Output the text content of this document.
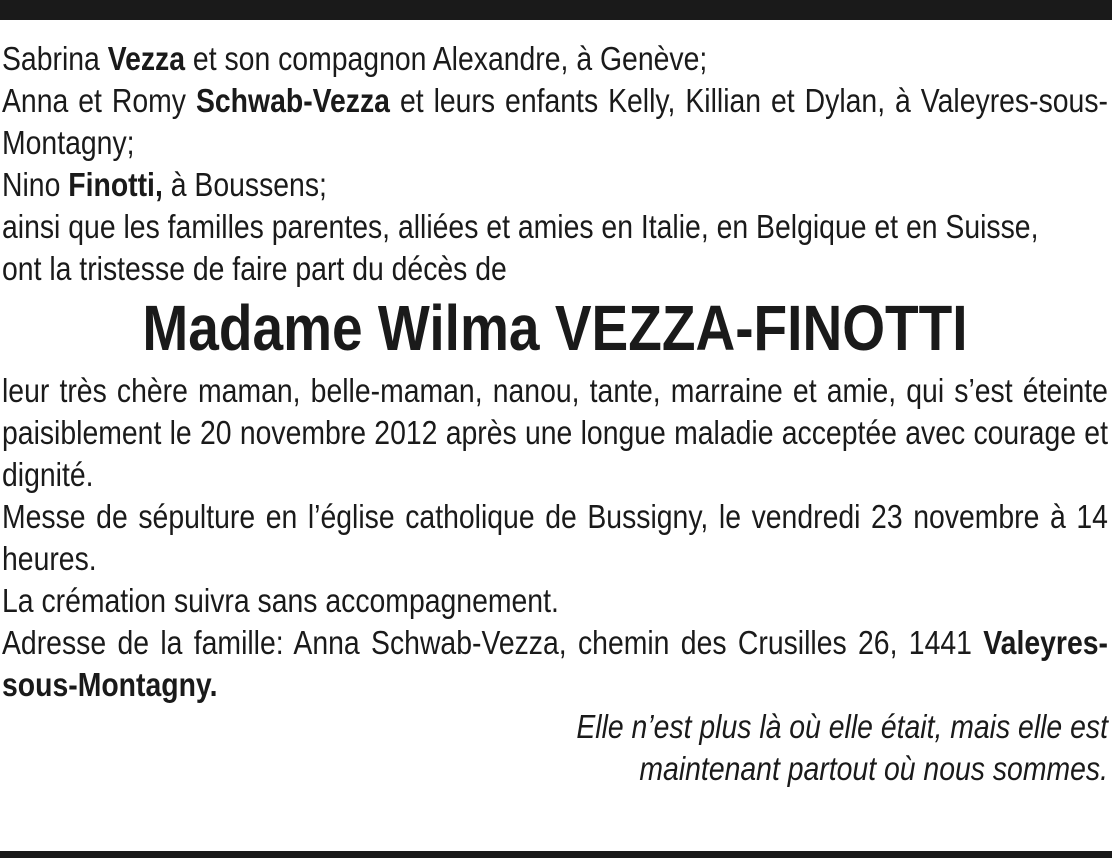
Sabrina Vezza et son compagnon Alexandre, à Genève;

Anna et Romy Schwab-Vezza et leurs enfants Kelly, Killian et Dylan, à Valeyres-sous-Montagny;

Nino Finotti, à Boussens;

ainsi que les familles parentes, alliées et amies en Italie, en Belgique et en Suisse,

ont la tristesse de faire part du décès de

Madame Wilma VEZZA-FINOTTI

leur très chère maman, belle-maman, nanou, tante, marraine et amie, qui s’est éteinte paisiblement le 20 novembre 2012 après une longue maladie acceptée avec courage et dignité.

Messe de sépulture en l’église catholique de Bussigny, le vendredi 23 novembre à 14 heures.

La crémation suivra sans accompagnement.

Adresse de la famille: Anna Schwab-Vezza, chemin des Crusilles 26, 1441 Valeyres-sous-Montagny.

Elle n’est plus là où elle était, mais elle est

maintenant partout où nous sommes.
